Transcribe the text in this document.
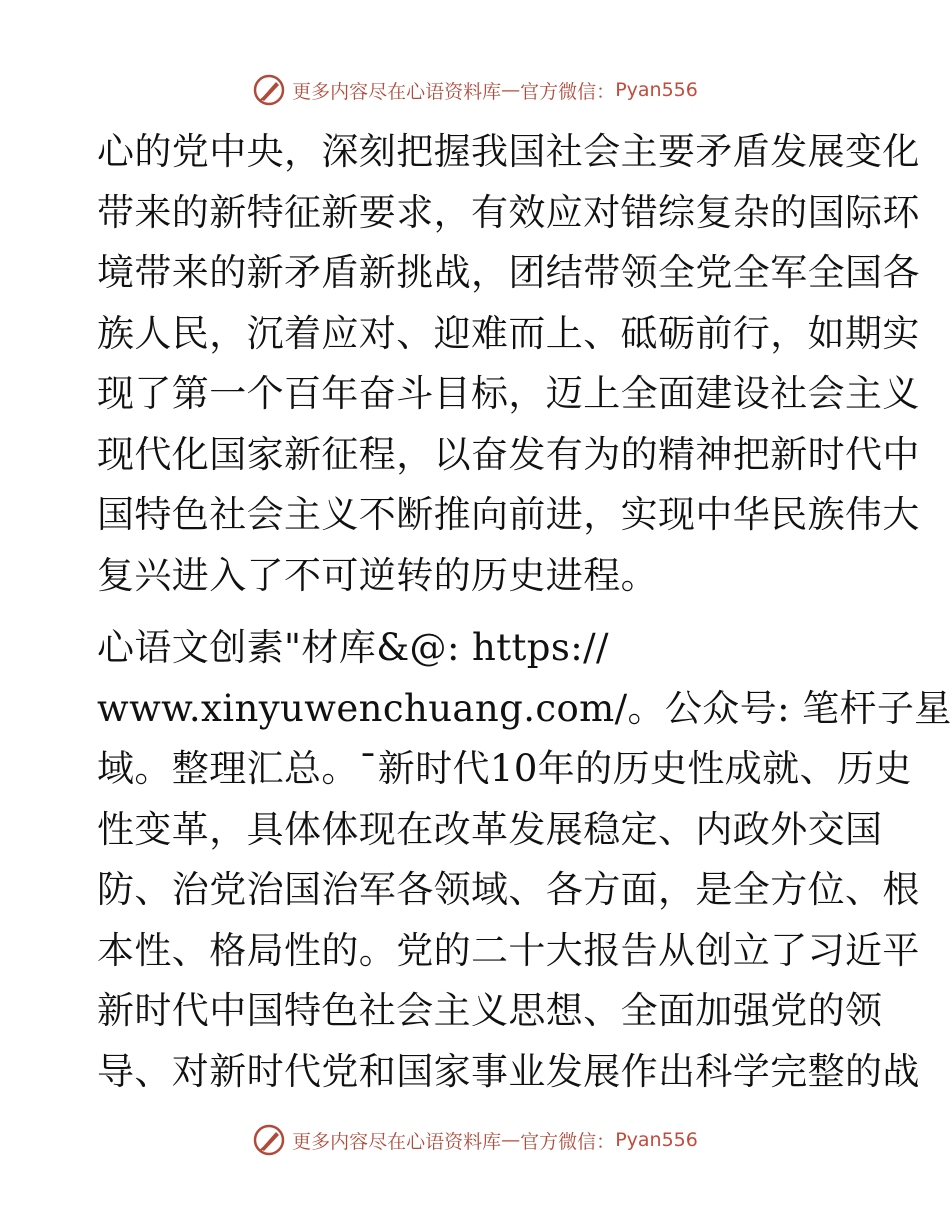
更多内容尽在心语资料库 — 官方微信： Pyan556
心的党中央，深刻把握我国社会主要矛盾发展变化
带来的新特征新要求，有效应对错综复杂的国际环
境带来的新矛盾新挑战，团结带领全党全军全国各
族人民，沉着应对、迎难而上、砥砺前行，如期实
现了第一个百年奋斗目标，迈上全面建设社会主义
现代化国家新征程，以奋发有为的精神把新时代中
国特色社会主义不断推向前进，实现中华民族伟大
复兴进入了不可逆转的历史进程。
心语文创素"材库&@: https://
www.xinyuwenchuang.com/。公众号: 笔杆子星
域。整理汇总。¯新时代10年的历史性成就、历史
性变革，具体体现在改革发展稳定、内政外交国
防、治党治国治军各领域、各方面，是全方位、根
本性、格局性的。党的二十大报告从创立了习近平
新时代中国特色社会主义思想、全面加强党的领
导、对新时代党和国家事业发展作出科学完整的战
更多内容尽在心语资料库 — 官方微信： Pyan556
